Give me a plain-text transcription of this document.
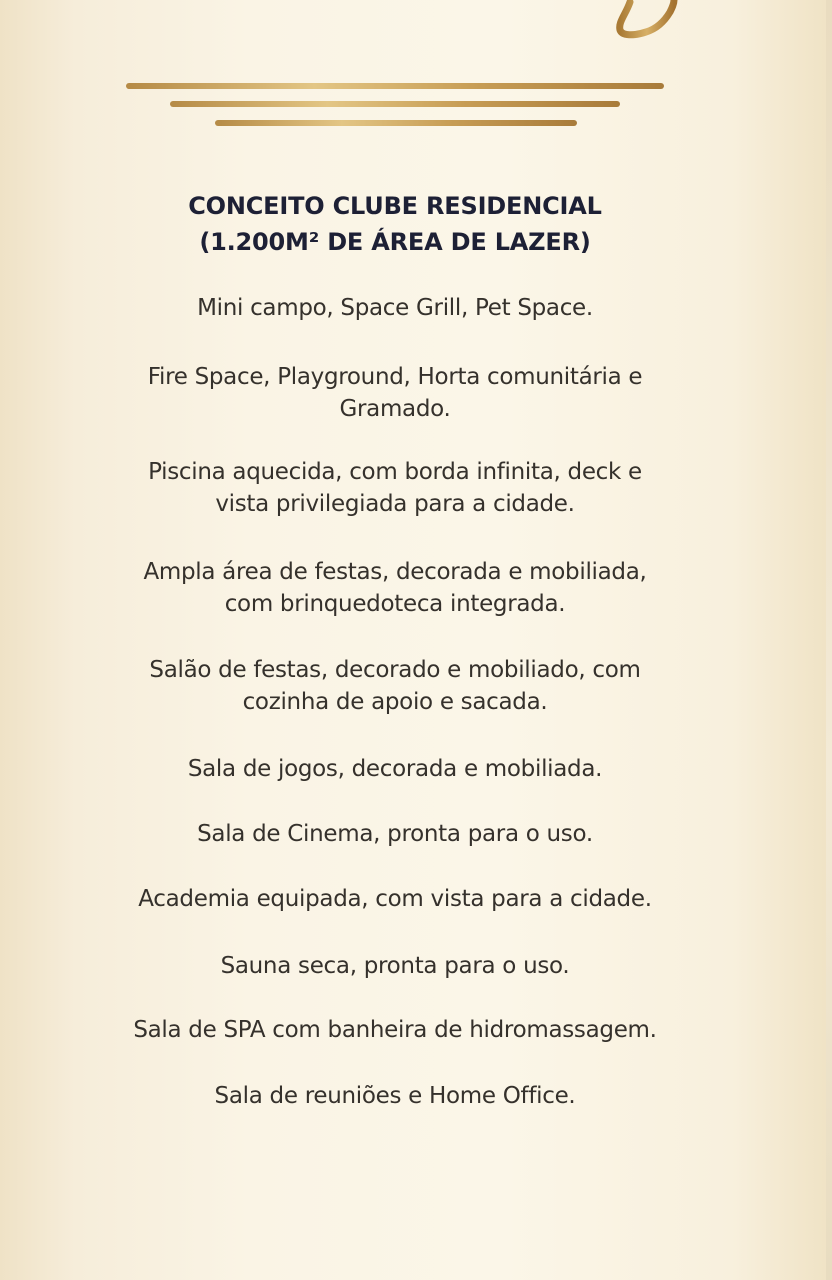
CONCEITO CLUBE RESIDENCIAL
(1.200M² DE ÁREA DE LAZER)
Mini campo, Space Grill, Pet Space.
Fire Space, Playground, Horta comunitária e
Gramado.
Piscina aquecida, com borda infinita, deck e
vista privilegiada para a cidade.
Ampla área de festas, decorada e mobiliada,
com brinquedoteca integrada.
Salão de festas, decorado e mobiliado, com
cozinha de apoio e sacada.
Sala de jogos, decorada e mobiliada.
Sala de Cinema, pronta para o uso.
Academia equipada, com vista para a cidade.
Sauna seca, pronta para o uso.
Sala de SPA com banheira de hidromassagem.
Sala de reuniões e Home Office.
